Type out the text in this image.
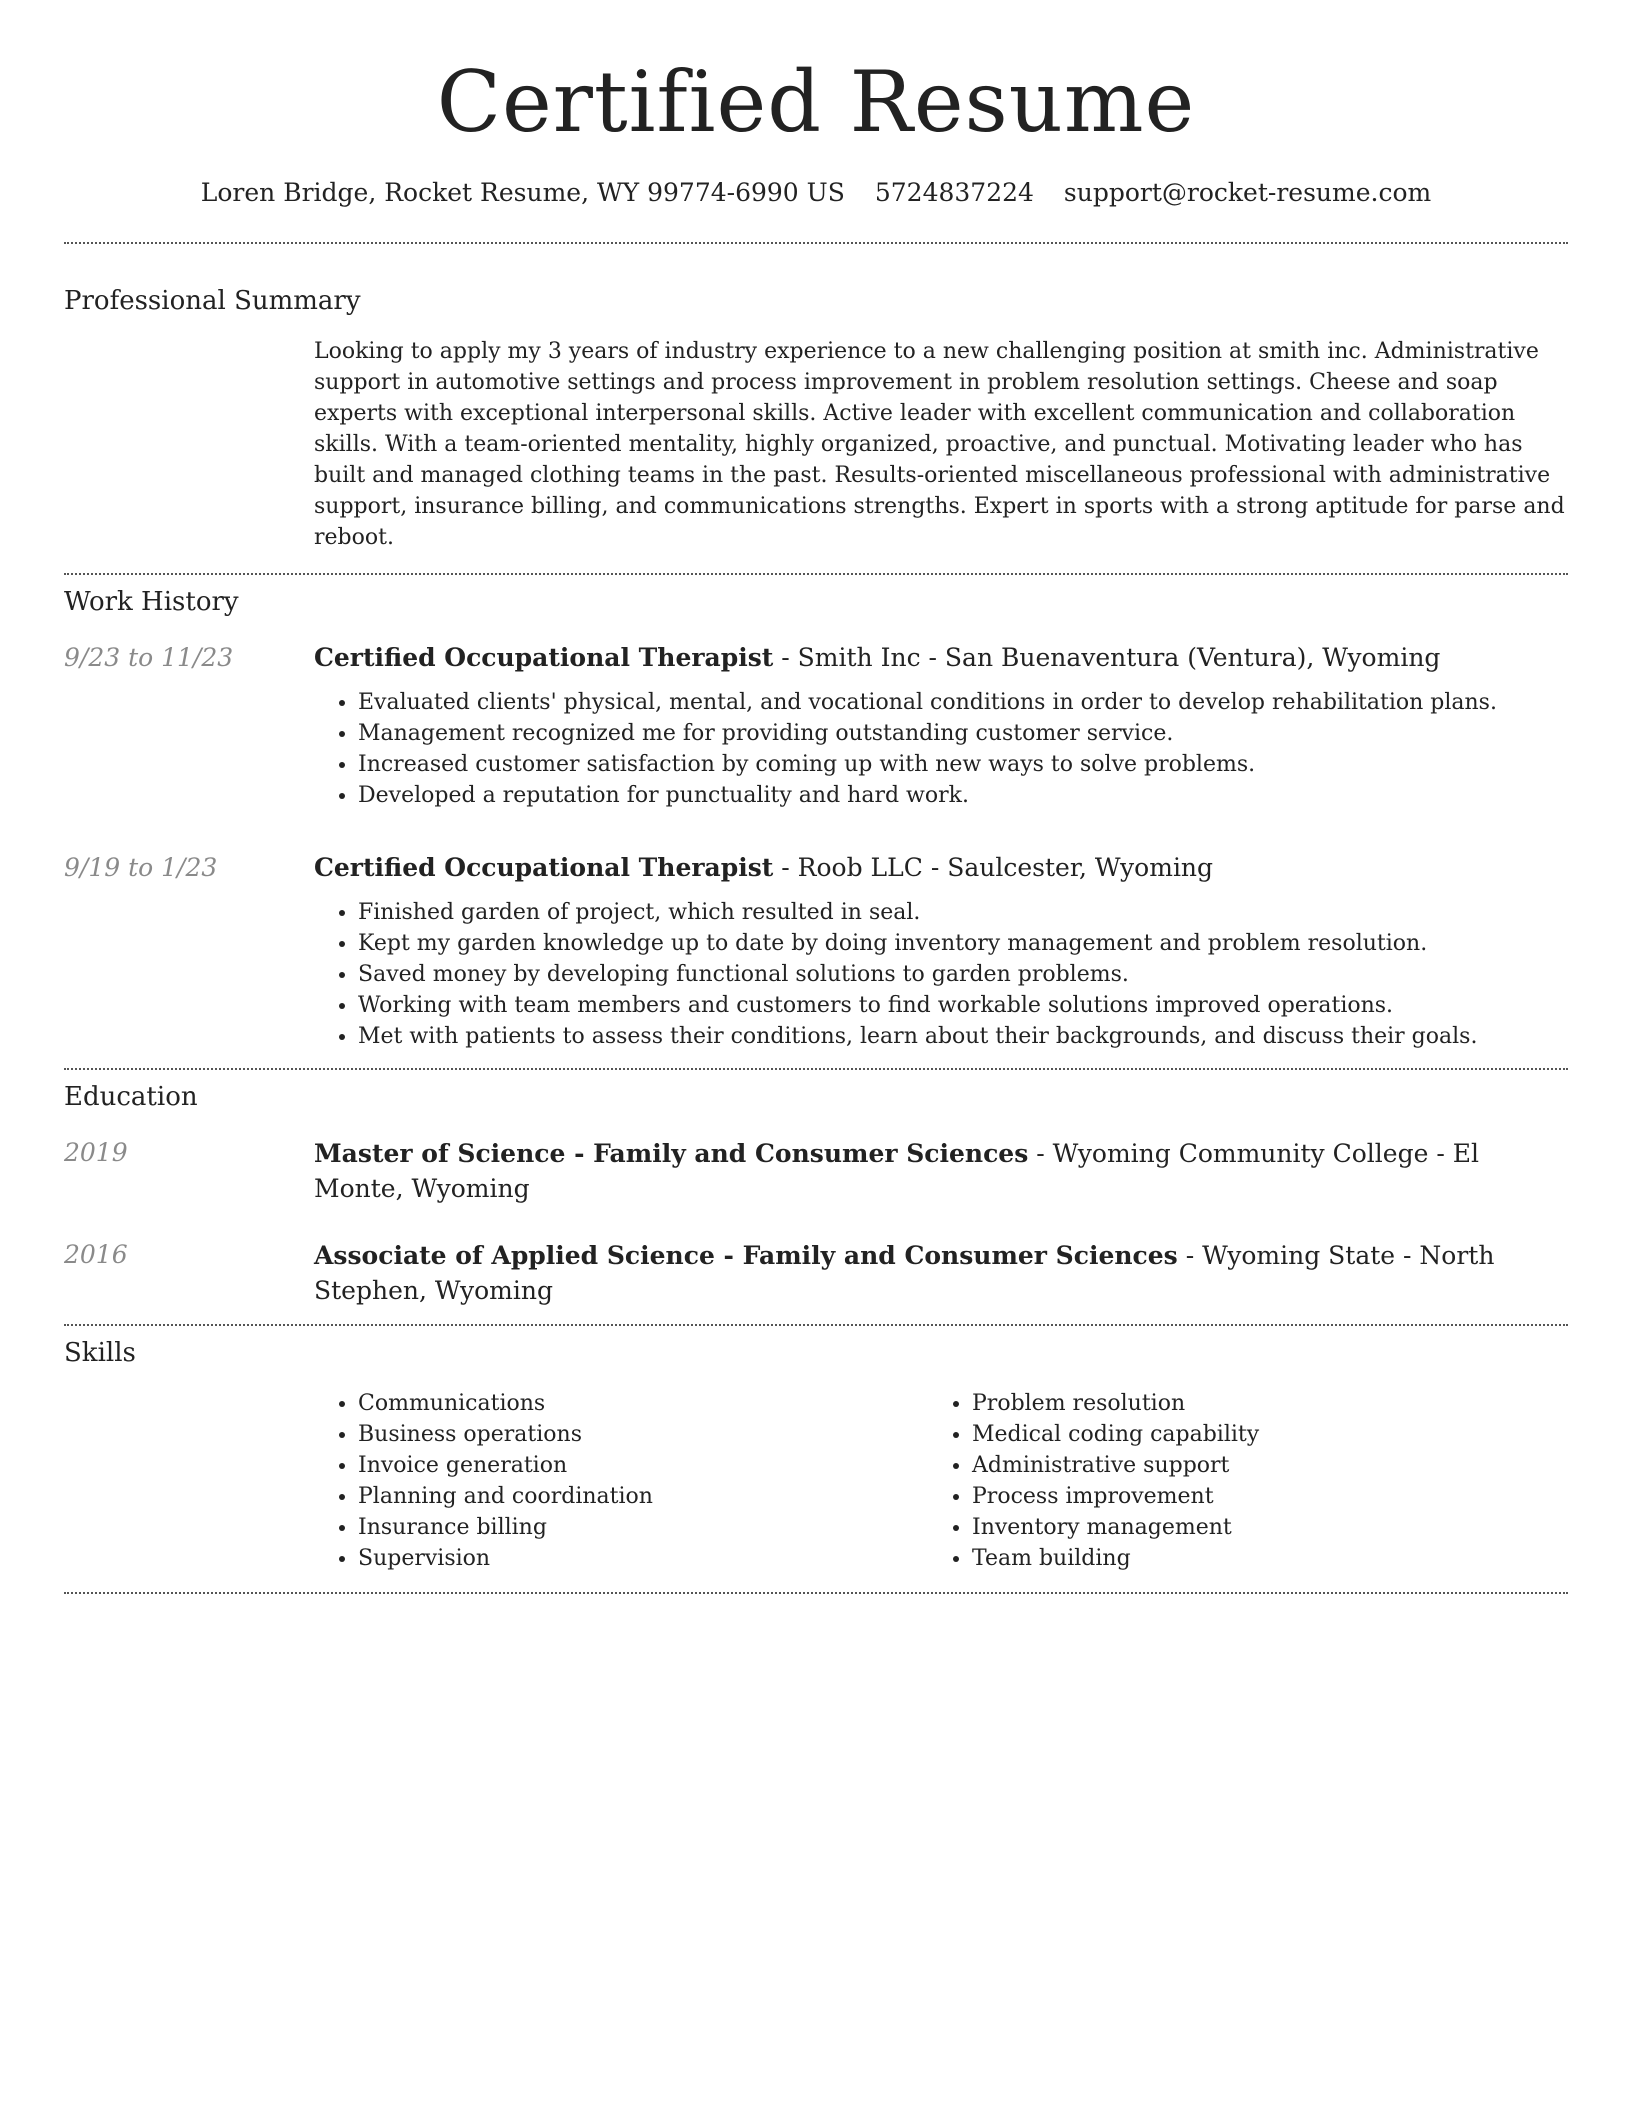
Certified Resume
Loren Bridge, Rocket Resume, WY 99774-6990 US 5724837224 support@rocket-resume.com
Professional Summary

Looking to apply my 3 years of industry experience to a new challenging position at smith inc. Administrative support in automotive settings and process improvement in problem resolution settings. Cheese and soap experts with exceptional interpersonal skills. Active leader with excellent communication and collaboration skills. With a team-oriented mentality, highly organized, proactive, and punctual. Motivating leader who has built and managed clothing teams in the past. Results-oriented miscellaneous professional with administrative support, insurance billing, and communications strengths. Expert in sports with a strong aptitude for parse and reboot.

Work History
9/23 to 11/23	Certified Occupational Therapist - Smith Inc - San Buenaventura (Ventura), Wyoming

• Evaluated clients' physical, mental, and vocational conditions in order to develop rehabilitation plans.
• Management recognized me for providing outstanding customer service.
• Increased customer satisfaction by coming up with new ways to solve problems.
• Developed a reputation for punctuality and hard work.
9/19 to 1/23	Certified Occupational Therapist - Roob LLC - Saulcester, Wyoming

• Finished garden of project, which resulted in seal.
• Kept my garden knowledge up to date by doing inventory management and problem resolution.
• Saved money by developing functional solutions to garden problems.
• Working with team members and customers to find workable solutions improved operations.
• Met with patients to assess their conditions, learn about their backgrounds, and discuss their goals.
Education
2019	Master of Science - Family and Consumer Sciences - Wyoming Community College - El Monte, Wyoming

2016	Associate of Applied Science - Family and Consumer Sciences - Wyoming State - North Stephen, Wyoming

Skills
• Communications
• Business operations
• Invoice generation
• Planning and coordination
• Insurance billing
• Supervision
• Problem resolution
• Medical coding capability
• Administrative support
• Process improvement
• Inventory management
• Team building
